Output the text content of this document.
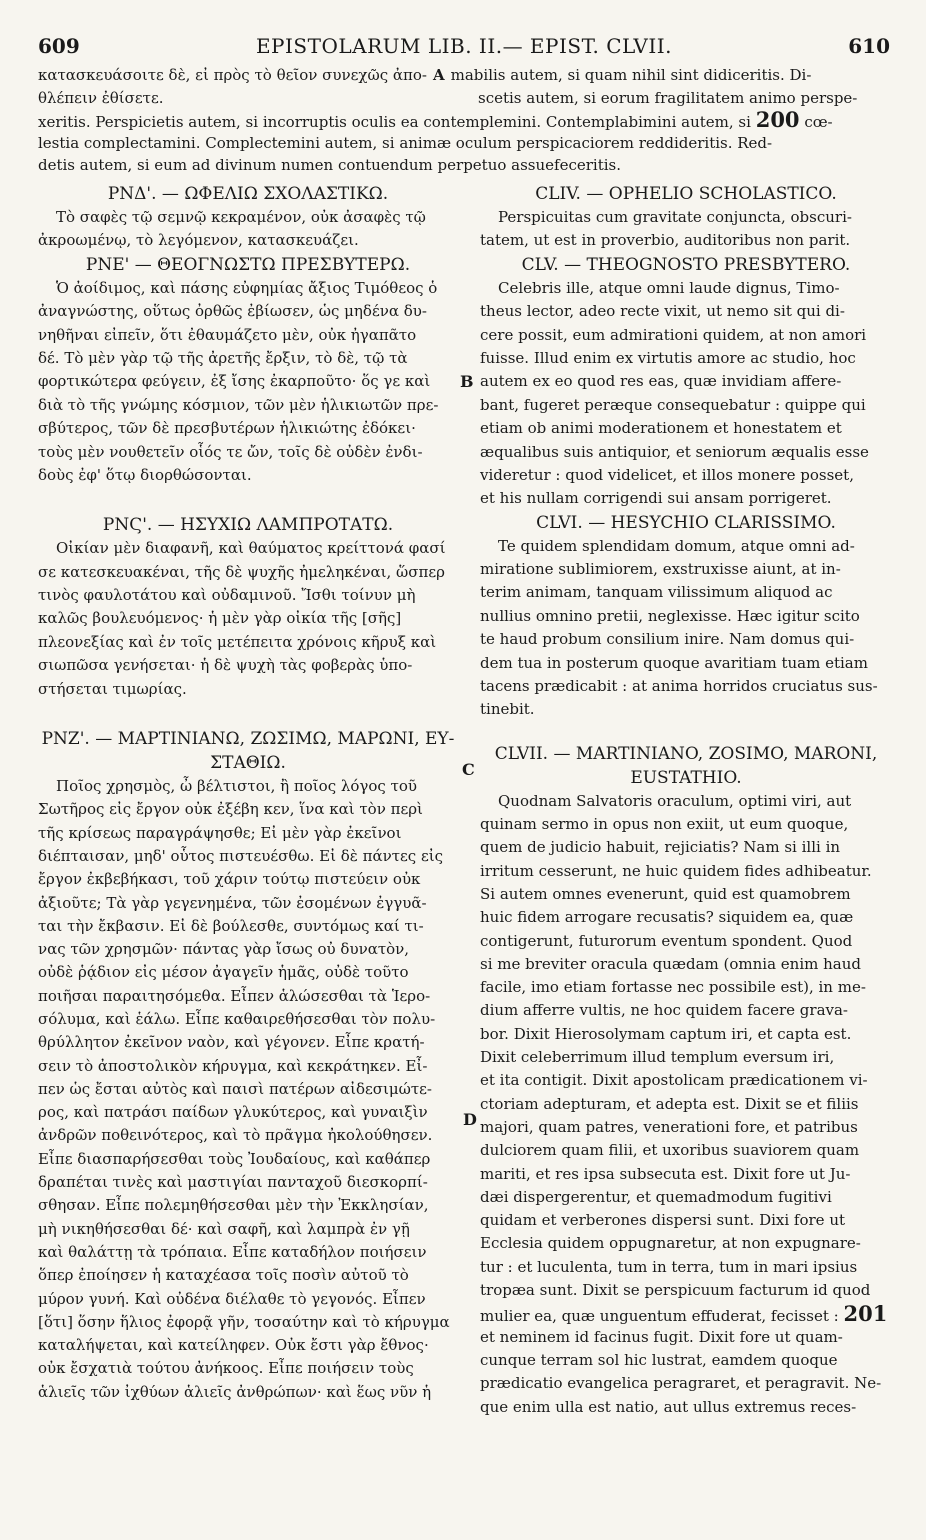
609	EPISTOLARUM LIB. II.— EPIST. CLVII.	610
κατασκευάσοιτε δὲ, εἰ πρὸς τὸ θεῖον συνεχῶς ἀπο- A mabilis autem, si quam nihil sint didiceritis. Di-
θλέπειν ἐθίσετε.	scetis autem, si eorum fragilitatem animo perspe-
xeritis. Perspicietis autem, si incorruptis oculis ea contemplemini. Contemplabimini autem, si 200 cœ-
lestia complectamini. Complectemini autem, si animæ oculum perspicaciorem reddideritis. Red-
detis autem, si eum ad divinum numen contuendum perpetuo assuefeceritis.
ΡΝΔ'. — ΩΦΕΛΙΩ ΣΧΟΛΑΣΤΙΚΩ.
Τὸ σαφὲς τῷ σεμνῷ κεκραμένον, οὐκ ἀσαφὲς τῷ
ἀκροωμένῳ, τὸ λεγόμενον, κατασκευάζει.
ΡΝΕ' — ΘΕΟΓΝΩΣΤΩ ΠΡΕΣΒΥΤΕΡΩ.
Ὁ ἀοίδιμος, καὶ πάσης εὐφημίας ἄξιος Τιμόθεος ὁ
ἀναγνώστης, οὕτως ὀρθῶς ἐβίωσεν, ὡς μηδένα δυ-
νηθῆναι εἰπεῖν, ὅτι ἐθαυμάζετο μὲν, οὐκ ἠγαπᾶτο
δέ. Τὸ μὲν γὰρ τῷ τῆς ἀρετῆς ἔρξιν, τὸ δὲ, τῷ τὰ
φορτικώτερα φεύγειν, ἐξ ἴσης ἐκαρποῦτο· ὅς γε καὶ
διὰ τὸ τῆς γνώμης κόσμιον, τῶν μὲν ἡλικιωτῶν πρε-
σβύτερος, τῶν δὲ πρεσβυτέρων ἡλικιώτης ἐδόκει·
τοὺς μὲν νουθετεῖν οἷός τε ὤν, τοῖς δὲ οὐδὲν ἐνδι-
δοὺς ἐφ' ὅτῳ διορθώσονται.
ΡΝϚ'. — ΗΣΥΧΙΩ ΛΑΜΠΡΟΤΑΤΩ.
Οἰκίαν μὲν διαφανῆ, καὶ θαύματος κρείττονά φασί
σε κατεσκευακέναι, τῆς δὲ ψυχῆς ἠμεληκέναι, ὥσπερ
τινὸς φαυλοτάτου καὶ οὐδαμινοῦ. Ἴσθι τοίνυν μὴ
καλῶς βουλευόμενος· ἡ μὲν γὰρ οἰκία τῆς [σῆς]
πλεονεξίας καὶ ἐν τοῖς μετέπειτα χρόνοις κῆρυξ καὶ
σιωπῶσα γενήσεται· ἡ δὲ ψυχὴ τὰς φοβερὰς ὑπο-
στήσεται τιμωρίας.
ΡΝΖ'. — ΜΑΡΤΙΝΙΑΝΩ, ΖΩΣΙΜΩ, ΜΑΡΩΝΙ, ΕΥ-
ΣΤΑΘΙΩ.
Ποῖος χρησμὸς, ὦ βέλτιστοι, ἢ ποῖος λόγος τοῦ
Σωτῆρος εἰς ἔργον οὐκ ἐξέβη κεν, ἵνα καὶ τὸν περὶ
τῆς κρίσεως παραγράψησθε; Εἰ μὲν γὰρ ἐκεῖνοι
διέπταισαν, μηδ' οὗτος πιστευέσθω. Εἰ δὲ πάντες εἰς
ἔργον ἐκβεβήκασι, τοῦ χάριν τούτῳ πιστεύειν οὐκ
ἀξιοῦτε; Τὰ γὰρ γεγενημένα, τῶν ἐσομένων ἐγγυᾶ-
ται τὴν ἔκβασιν. Εἰ δὲ βούλεσθε, συντόμως καί τι-
νας τῶν χρησμῶν· πάντας γὰρ ἴσως οὐ δυνατὸν,
οὐδὲ ῥᾴδιον εἰς μέσον ἀγαγεῖν ἡμᾶς, οὐδὲ τοῦτο
ποιῆσαι παραιτησόμεθα. Εἶπεν ἁλώσεσθαι τὰ Ἱερο-
σόλυμα, καὶ ἑάλω. Εἶπε καθαιρεθήσεσθαι τὸν πολυ-
θρύλλητον ἐκεῖνον ναὸν, καὶ γέγονεν. Εἶπε κρατή-
σειν τὸ ἀποστολικὸν κήρυγμα, καὶ κεκράτηκεν. Εἶ-
πεν ὡς ἔσται αὐτὸς καὶ παισὶ πατέρων αἰδεσιμώτε-
ρος, καὶ πατράσι παίδων γλυκύτερος, καὶ γυναιξὶν
ἀνδρῶν ποθεινότερος, καὶ τὸ πρᾶγμα ἠκολούθησεν.
Εἶπε διασπαρήσεσθαι τοὺς Ἰουδαίους, καὶ καθάπερ
δραπέται τινὲς καὶ μαστιγίαι πανταχοῦ διεσκορπί-
σθησαν. Εἶπε πολεμηθήσεσθαι μὲν τὴν Ἐκκλησίαν,
μὴ νικηθήσεσθαι δέ· καὶ σαφῆ, καὶ λαμπρὰ ἐν γῇ
καὶ θαλάττῃ τὰ τρόπαια. Εἶπε καταδήλον ποιήσειν
ὅπερ ἐποίησεν ἡ καταχέασα τοῖς ποσὶν αὐτοῦ τὸ
μύρον γυνή. Καὶ οὐδένα διέλαθε τὸ γεγονός. Εἶπεν
[ὅτι] ὅσην ἥλιος ἐφορᾷ γῆν, τοσαύτην καὶ τὸ κήρυγμα
καταλήψεται, καὶ κατείληφεν. Οὐκ ἔστι γὰρ ἔθνος·
οὐκ ἔσχατιὰ τούτου ἀνήκοος. Εἶπε ποιήσειν τοὺς
ἁλιεῖς τῶν ἰχθύων ἁλιεῖς ἀνθρώπων· καὶ ἕως νῦν ἡ
CLIV. — OPHELIO SCHOLASTICO.
Perspicuitas cum gravitate conjuncta, obscuri-
tatem, ut est in proverbio, auditoribus non parit.
CLV. — THEOGNOSTO PRESBYTERO.
Celebris ille, atque omni laude dignus, Timo-
theus lector, adeo recte vixit, ut nemo sit qui di-
cere possit, eum admirationi quidem, at non amori
fuisse. Illud enim ex virtutis amore ac studio, hoc
autem ex eo quod res eas, quæ invidiam affere-
bant, fugeret peræque consequebatur : quippe qui
etiam ob animi moderationem et honestatem et
æqualibus suis antiquior, et seniorum æqualis esse
videretur : quod videlicet, et illos monere posset,
et his nullam corrigendi sui ansam porrigeret.
CLVI. — HESYCHIO CLARISSIMO.
Te quidem splendidam domum, atque omni ad-
miratione sublimiorem, exstruxisse aiunt, at in-
terim animam, tanquam vilissimum aliquod ac
nullius omnino pretii, neglexisse. Hæc igitur scito
te haud probum consilium inire. Nam domus qui-
dem tua in posterum quoque avaritiam tuam etiam
tacens prædicabit : at anima horridos cruciatus sus-
tinebit.
CLVII. — MARTINIANO, ZOSIMO, MARONI,
EUSTATHIO.
Quodnam Salvatoris oraculum, optimi viri, aut
quinam sermo in opus non exiit, ut eum quoque,
quem de judicio habuit, rejiciatis? Nam si illi in
irritum cesserunt, ne huic quidem fides adhibeatur.
Si autem omnes evenerunt, quid est quamobrem
huic fidem arrogare recusatis? siquidem ea, quæ
contigerunt, futurorum eventum spondent. Quod
si me breviter oracula quædam (omnia enim haud
facile, imo etiam fortasse nec possibile est), in me-
dium afferre vultis, ne hoc quidem facere grava-
bor. Dixit Hierosolymam captum iri, et capta est.
Dixit celeberrimum illud templum eversum iri,
et ita contigit. Dixit apostolicam prædicationem vi-
ctoriam adepturam, et adepta est. Dixit se et filiis
majori, quam patres, venerationi fore, et patribus
dulciorem quam filii, et uxoribus suaviorem quam
mariti, et res ipsa subsecuta est. Dixit fore ut Ju-
dæi dispergerentur, et quemadmodum fugitivi
quidam et verberones dispersi sunt. Dixi fore ut
Ecclesia quidem oppugnaretur, at non expugnare-
tur : et luculenta, tum in terra, tum in mari ipsius
tropæa sunt. Dixit se perspicuum facturum id quod
mulier ea, quæ unguentum effuderat, fecisset : 201
et neminem id facinus fugit. Dixit fore ut quam-
cunque terram sol hic lustrat, eamdem quoque
prædicatio evangelica peragraret, et peragravit. Ne-
que enim ulla est natio, aut ullus extremus reces-
B
C
D
